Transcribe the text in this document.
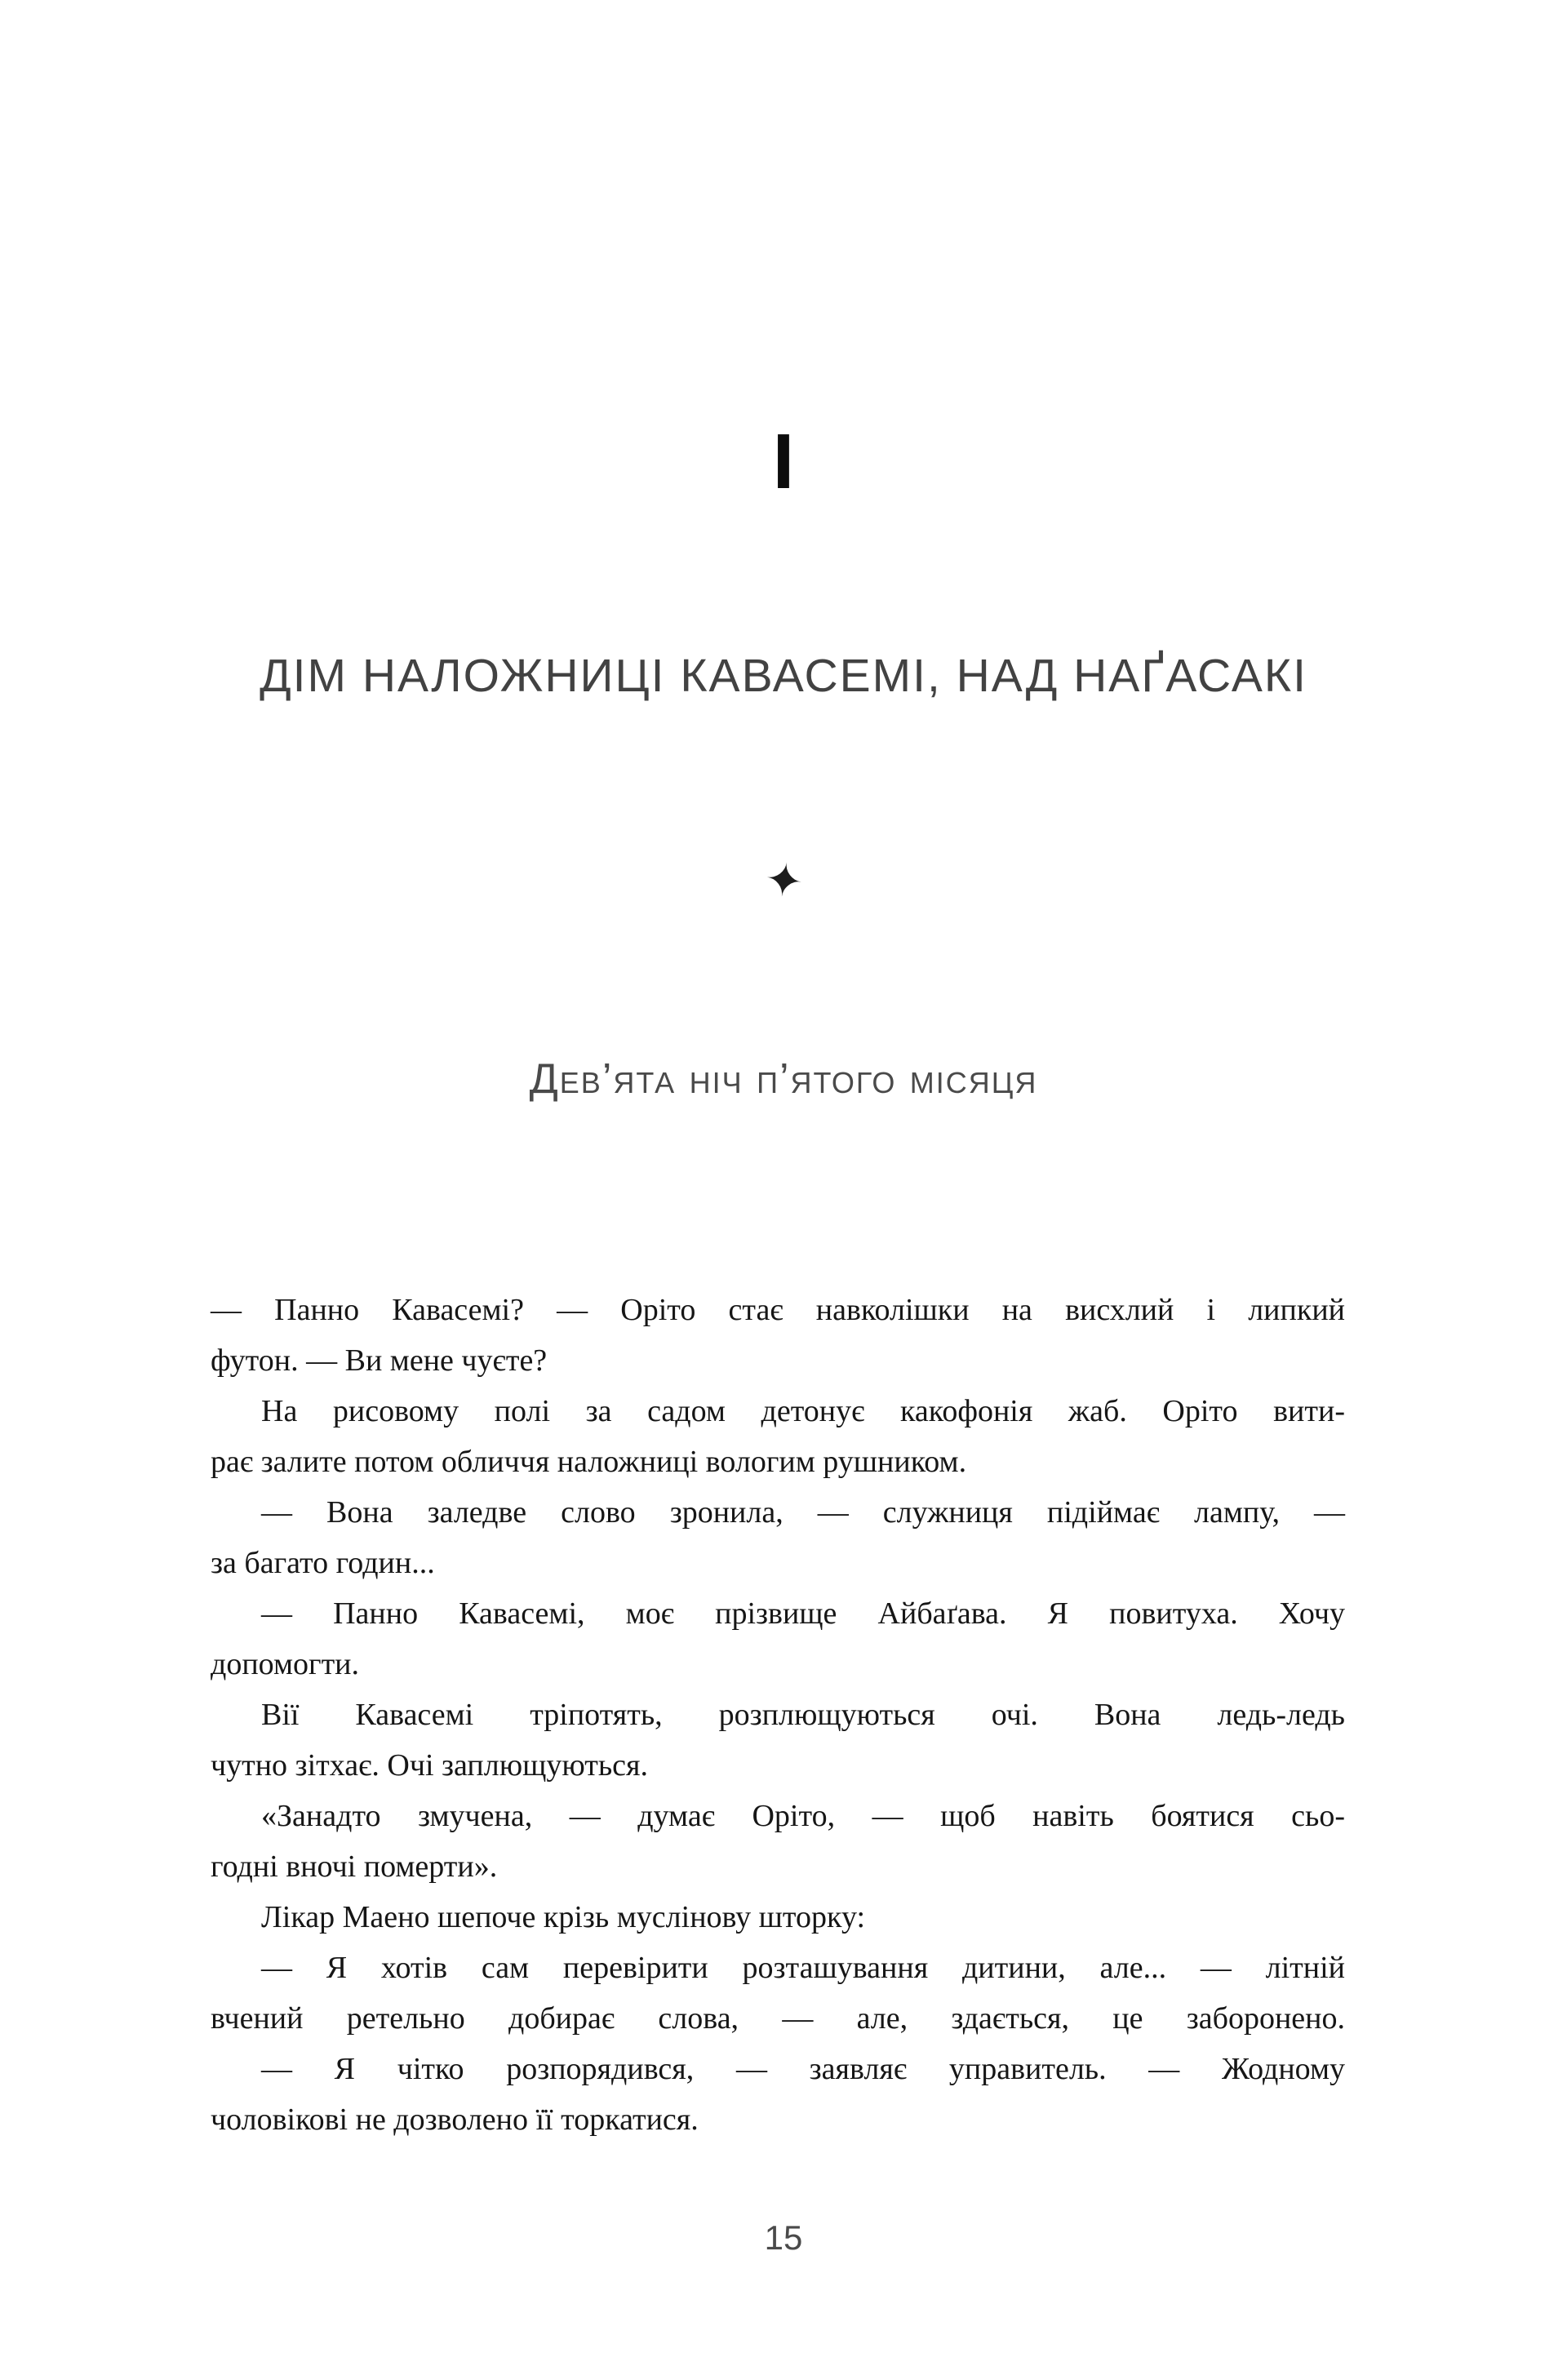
I
ДІМ НАЛОЖНИЦІ КАВАСЕМІ, НАД НАҐАСАКІ
✦
Дев’ята ніч п’ятого місяця
— Панно Кавасемі? — Оріто стає навколішки на висхлий і липкий
футон. — Ви мене чуєте?
На рисовому полі за садом детонує какофонія жаб. Оріто вити-
рає залите потом обличчя наложниці вологим рушником.
— Вона заледве слово зронила, — служниця підіймає лампу, —
за багато годин...
— Панно Кавасемі, моє прізвище Айбаґава. Я повитуха. Хочу
допомогти.
Вії Кавасемі тріпотять, розплющуються очі. Вона ледь-ледь
чутно зітхає. Очі заплющуються.
«Занадто змучена, — думає Оріто, — щоб навіть боятися сьо-
годні вночі померти».
Лікар Маено шепоче крізь муслінову шторку:
— Я хотів сам перевірити розташування дитини, але... — літній
вчений ретельно добирає слова, — але, здається, це заборонено.
— Я чітко розпорядився, — заявляє управитель. — Жодному
чоловікові не дозволено її торкатися.
15
